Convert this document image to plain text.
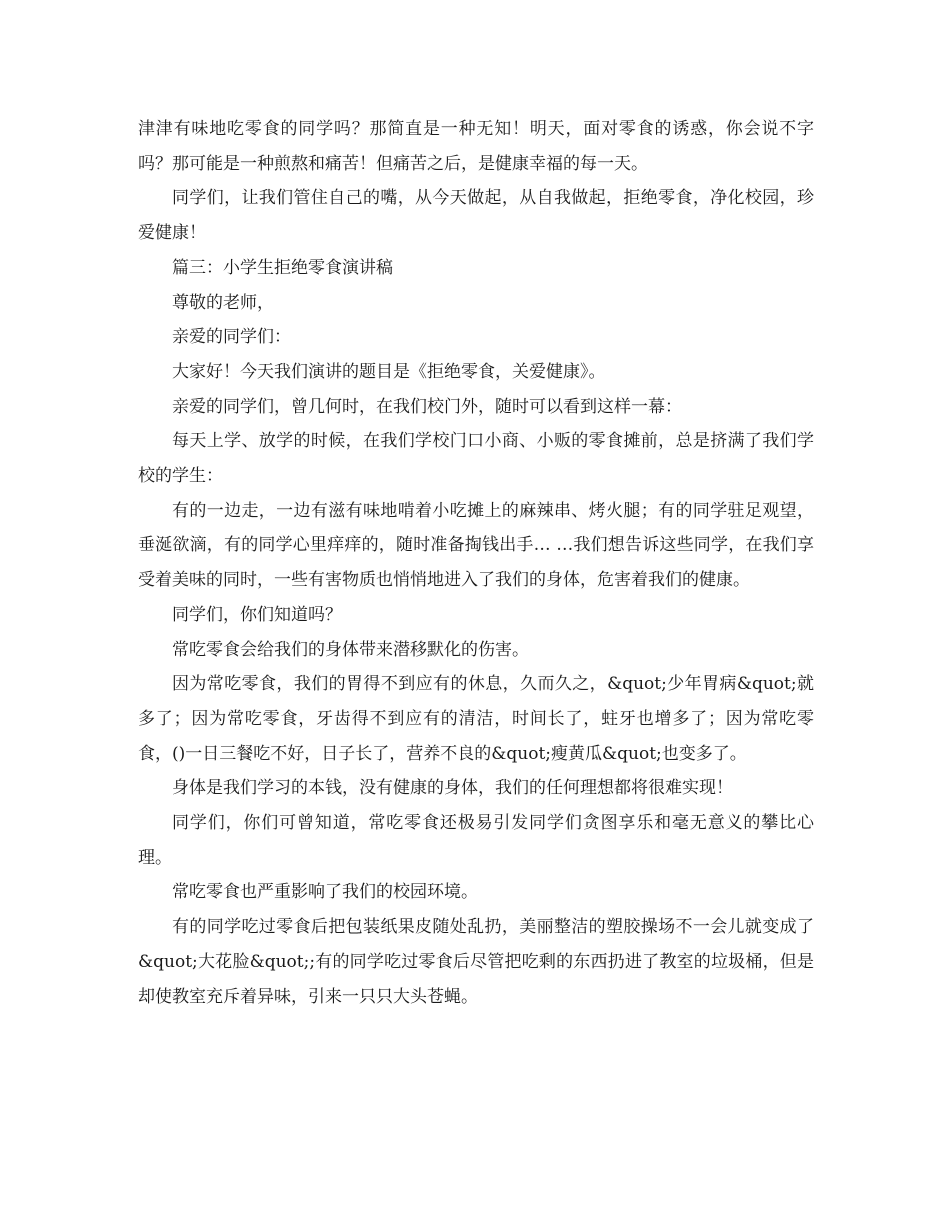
津津有味地吃零食的同学吗？那简直是一种无知！明天，面对零食的诱惑，你会说不字吗？那可能是一种煎熬和痛苦！但痛苦之后，是健康幸福的每一天。

同学们，让我们管住自己的嘴，从今天做起，从自我做起，拒绝零食，净化校园，珍爱健康！

篇三：小学生拒绝零食演讲稿

尊敬的老师，

亲爱的同学们：

大家好！今天我们演讲的题目是《拒绝零食，关爱健康》。

亲爱的同学们，曾几何时，在我们校门外，随时可以看到这样一幕：

每天上学、放学的时候，在我们学校门口小商、小贩的零食摊前，总是挤满了我们学校的学生：

有的一边走，一边有滋有味地啃着小吃摊上的麻辣串、烤火腿；有的同学驻足观望，垂涎欲滴，有的同学心里痒痒的，随时准备掏钱出手… …我们想告诉这些同学，在我们享受着美味的同时，一些有害物质也悄悄地进入了我们的身体，危害着我们的健康。

同学们，你们知道吗？

常吃零食会给我们的身体带来潜移默化的伤害。

因为常吃零食，我们的胃得不到应有的休息，久而久之，&quot;少年胃病&quot;就多了；因为常吃零食，牙齿得不到应有的清洁，时间长了，蛀牙也增多了；因为常吃零食，()一日三餐吃不好，日子长了，营养不良的&quot;瘦黄瓜&quot;也变多了。

身体是我们学习的本钱，没有健康的身体，我们的任何理想都将很难实现！

同学们，你们可曾知道，常吃零食还极易引发同学们贪图享乐和毫无意义的攀比心理。

常吃零食也严重影响了我们的校园环境。

有的同学吃过零食后把包装纸果皮随处乱扔，美丽整洁的塑胶操场不一会儿就变成了&quot;大花脸&quot;;有的同学吃过零食后尽管把吃剩的东西扔进了教室的垃圾桶，但是却使教室充斥着异味，引来一只只大头苍蝇。
